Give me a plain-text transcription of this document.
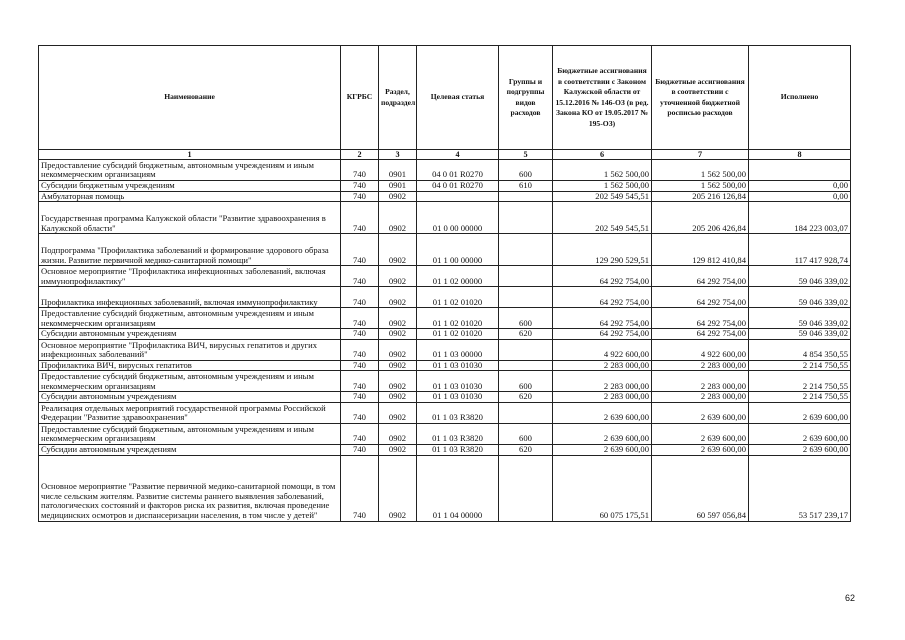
Наименование	КГРБС	Раздел, подраздел	Целевая статья	Группы и подгруппы видов расходов	Бюджетные ассигнования в соответствии с Законом Калужской области от 15.12.2016 № 146-ОЗ (в ред. Закона КО от 19.05.2017 № 195-ОЗ)	Бюджетные ассигнования в соответствии с уточненной бюджетной росписью расходов	Исполнено
1	2	3	4	5	6	7	8
Предоставление субсидий бюджетным, автономным учреждениям и иным некоммерческим организациям	740	0901	04 0 01 R0270	600	1 562 500,00	1 562 500,00	
Субсидии бюджетным учреждениям	740	0901	04 0 01 R0270	610	1 562 500,00	1 562 500,00	0,00
Амбулаторная помощь	740	0902			202 549 545,51	205 216 126,84	0,00
Государственная программа Калужской области "Развитие здравоохранения в Калужской области"	740	0902	01 0 00 00000		202 549 545,51	205 206 426,84	184 223 003,07
Подпрограмма "Профилактика заболеваний и формирование здорового образа жизни. Развитие первичной медико-санитарной помощи"	740	0902	01 1 00 00000		129 290 529,51	129 812 410,84	117 417 928,74
Основное мероприятие "Профилактика инфекционных заболеваний, включая иммунопрофилактику"	740	0902	01 1 02 00000		64 292 754,00	64 292 754,00	59 046 339,02
Профилактика инфекционных заболеваний, включая иммунопрофилактику	740	0902	01 1 02 01020		64 292 754,00	64 292 754,00	59 046 339,02
Предоставление субсидий бюджетным, автономным учреждениям и иным некоммерческим организациям	740	0902	01 1 02 01020	600	64 292 754,00	64 292 754,00	59 046 339,02
Субсидии автономным учреждениям	740	0902	01 1 02 01020	620	64 292 754,00	64 292 754,00	59 046 339,02
Основное мероприятие "Профилактика ВИЧ, вирусных гепатитов и других инфекционных заболеваний"	740	0902	01 1 03 00000		4 922 600,00	4 922 600,00	4 854 350,55
Профилактика ВИЧ, вирусных гепатитов	740	0902	01 1 03 01030		2 283 000,00	2 283 000,00	2 214 750,55
Предоставление субсидий бюджетным, автономным учреждениям и иным некоммерческим организациям	740	0902	01 1 03 01030	600	2 283 000,00	2 283 000,00	2 214 750,55
Субсидии автономным учреждениям	740	0902	01 1 03 01030	620	2 283 000,00	2 283 000,00	2 214 750,55
Реализация отдельных мероприятий государственной программы Российской Федерации "Развитие здравоохранения"	740	0902	01 1 03 R3820		2 639 600,00	2 639 600,00	2 639 600,00
Предоставление субсидий бюджетным, автономным учреждениям и иным некоммерческим организациям	740	0902	01 1 03 R3820	600	2 639 600,00	2 639 600,00	2 639 600,00
Субсидии автономным учреждениям	740	0902	01 1 03 R3820	620	2 639 600,00	2 639 600,00	2 639 600,00
Основное мероприятие "Развитие первичной медико-санитарной помощи, в том числе сельским жителям. Развитие системы раннего выявления заболеваний, патологических состояний и факторов риска их развития, включая проведение медицинских осмотров и диспансеризации населения, в том числе у детей"	740	0902	01 1 04 00000		60 075 175,51	60 597 056,84	53 517 239,17
62
